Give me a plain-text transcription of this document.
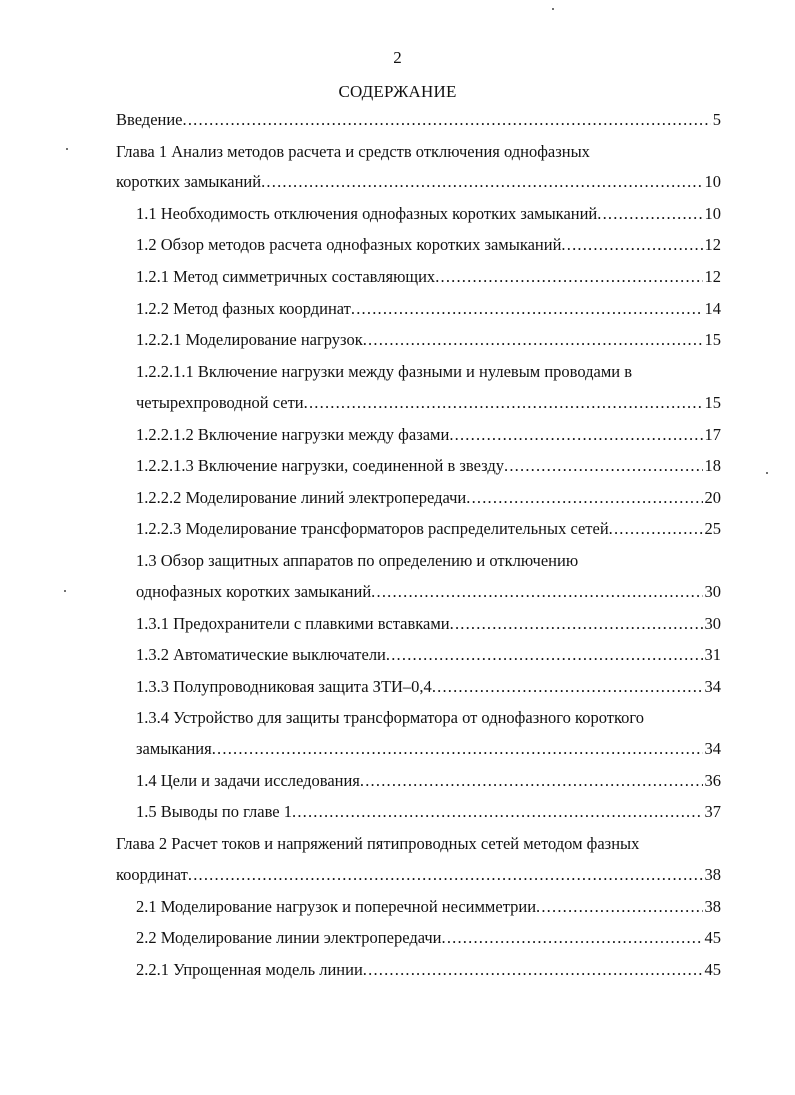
2
СОДЕРЖАНИЕ
Введение .....	5
Глава 1 Анализ методов расчета и средств отключения однофазных
коротких замыканий .....	10
1.1 Необходимость отключения однофазных коротких замыканий .....	10
1.2 Обзор методов расчета однофазных коротких замыканий .....	12
1.2.1 Метод симметричных составляющих .....	12
1.2.2 Метод фазных координат .....	14
1.2.2.1 Моделирование нагрузок .....	15
1.2.2.1.1 Включение нагрузки между фазными и нулевым проводами в
четырехпроводной сети .....	15
1.2.2.1.2 Включение нагрузки между фазами .....	17
1.2.2.1.3 Включение нагрузки, соединенной в звезду .....	18
1.2.2.2 Моделирование линий электропередачи .....	20
1.2.2.3 Моделирование трансформаторов распределительных сетей .....	25
1.3 Обзор защитных аппаратов по определению и отключению
однофазных коротких замыканий .....	30
1.3.1 Предохранители с плавкими вставками .....	30
1.3.2 Автоматические выключатели .....	31
1.3.3 Полупроводниковая защита ЗТИ–0,4 .....	34
1.3.4 Устройство для защиты трансформатора от однофазного короткого
замыкания .....	34
1.4 Цели и задачи исследования .....	36
1.5 Выводы по главе 1 .....	37
Глава 2 Расчет токов и напряжений пятипроводных сетей методом фазных
координат .....	38
2.1 Моделирование нагрузок и поперечной несимметрии .....	38
2.2 Моделирование линии электропередачи .....	45
2.2.1 Упрощенная модель линии .....	45
